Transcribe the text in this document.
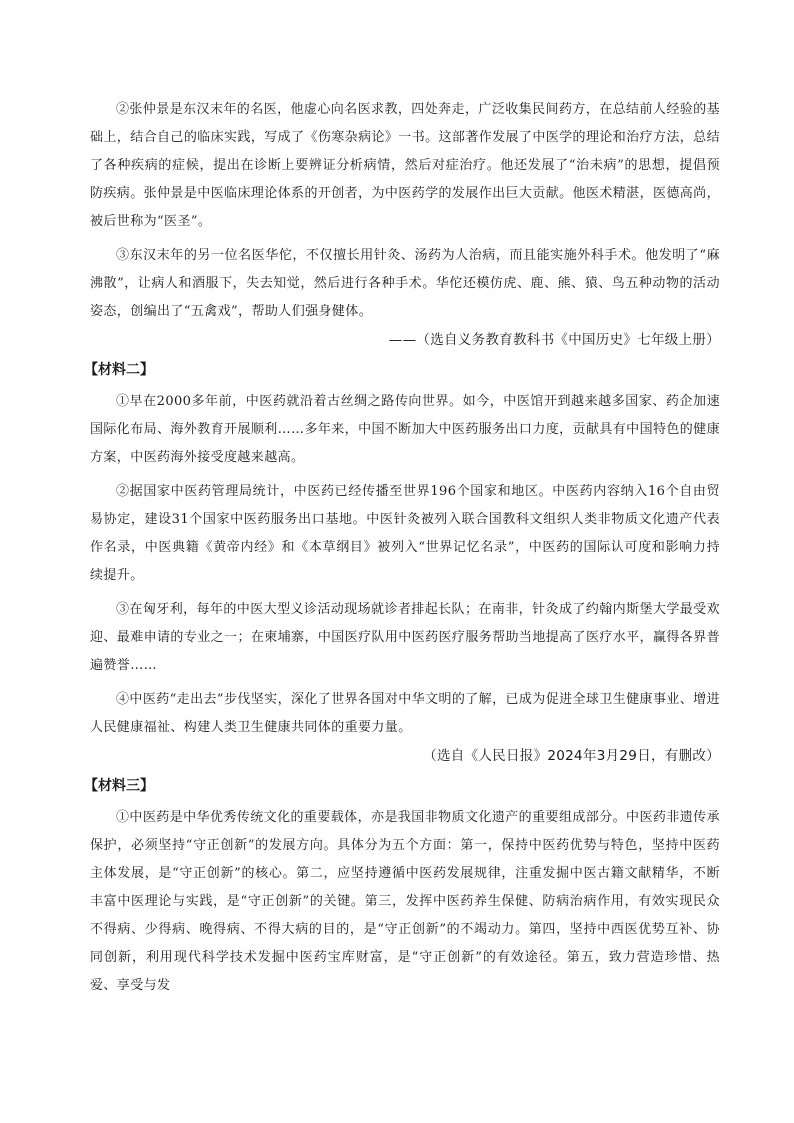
②张仲景是东汉末年的名医，他虚心向名医求教，四处奔走，广泛收集民间药方，在总结前人经验的基础上，结合自己的临床实践，写成了《伤寒杂病论》一书。这部著作发展了中医学的理论和治疗方法，总结了各种疾病的症候，提出在诊断上要辨证分析病情，然后对症治疗。他还发展了“治未病”的思想，提倡预防疾病。张仲景是中医临床理论体系的开创者，为中医药学的发展作出巨大贡献。他医术精湛，医德高尚，被后世称为“医圣”。

③东汉末年的另一位名医华佗，不仅擅长用针灸、汤药为人治病，而且能实施外科手术。他发明了“麻沸散”，让病人和酒服下，失去知觉，然后进行各种手术。华佗还模仿虎、鹿、熊、猿、鸟五种动物的活动姿态，创编出了“五禽戏”，帮助人们强身健体。

——（选自义务教育教科书《中国历史》七年级上册）

【材料二】

①早在2000多年前，中医药就沿着古丝绸之路传向世界。如今，中医馆开到越来越多国家、药企加速国际化布局、海外教育开展顺利……多年来，中国不断加大中医药服务出口力度，贡献具有中国特色的健康方案，中医药海外接受度越来越高。

②据国家中医药管理局统计，中医药已经传播至世界196个国家和地区。中医药内容纳入16个自由贸易协定，建设31个国家中医药服务出口基地。中医针灸被列入联合国教科文组织人类非物质文化遗产代表作名录，中医典籍《黄帝内经》和《本草纲目》被列入“世界记忆名录”，中医药的国际认可度和影响力持续提升。

③在匈牙利，每年的中医大型义诊活动现场就诊者排起长队；在南非，针灸成了约翰内斯堡大学最受欢迎、最难申请的专业之一；在柬埔寨，中国医疗队用中医药医疗服务帮助当地提高了医疗水平，赢得各界普遍赞誉……

④中医药“走出去”步伐坚实，深化了世界各国对中华文明的了解，已成为促进全球卫生健康事业、增进人民健康福祉、构建人类卫生健康共同体的重要力量。

（选自《人民日报》2024年3月29日，有删改）

【材料三】

①中医药是中华优秀传统文化的重要载体，亦是我国非物质文化遗产的重要组成部分。中医药非遗传承保护，必须坚持“守正创新”的发展方向。具体分为五个方面：第一，保持中医药优势与特色，坚持中医药主体发展，是“守正创新”的核心。第二，应坚持遵循中医药发展规律，注重发掘中医古籍文献精华，不断丰富中医理论与实践，是“守正创新”的关键。第三，发挥中医药养生保健、防病治病作用，有效实现民众不得病、少得病、晚得病、不得大病的目的，是“守正创新”的不竭动力。第四，坚持中西医优势互补、协同创新，利用现代科学技术发掘中医药宝库财富，是“守正创新”的有效途径。第五，致力营造珍惜、热爱、享受与发
